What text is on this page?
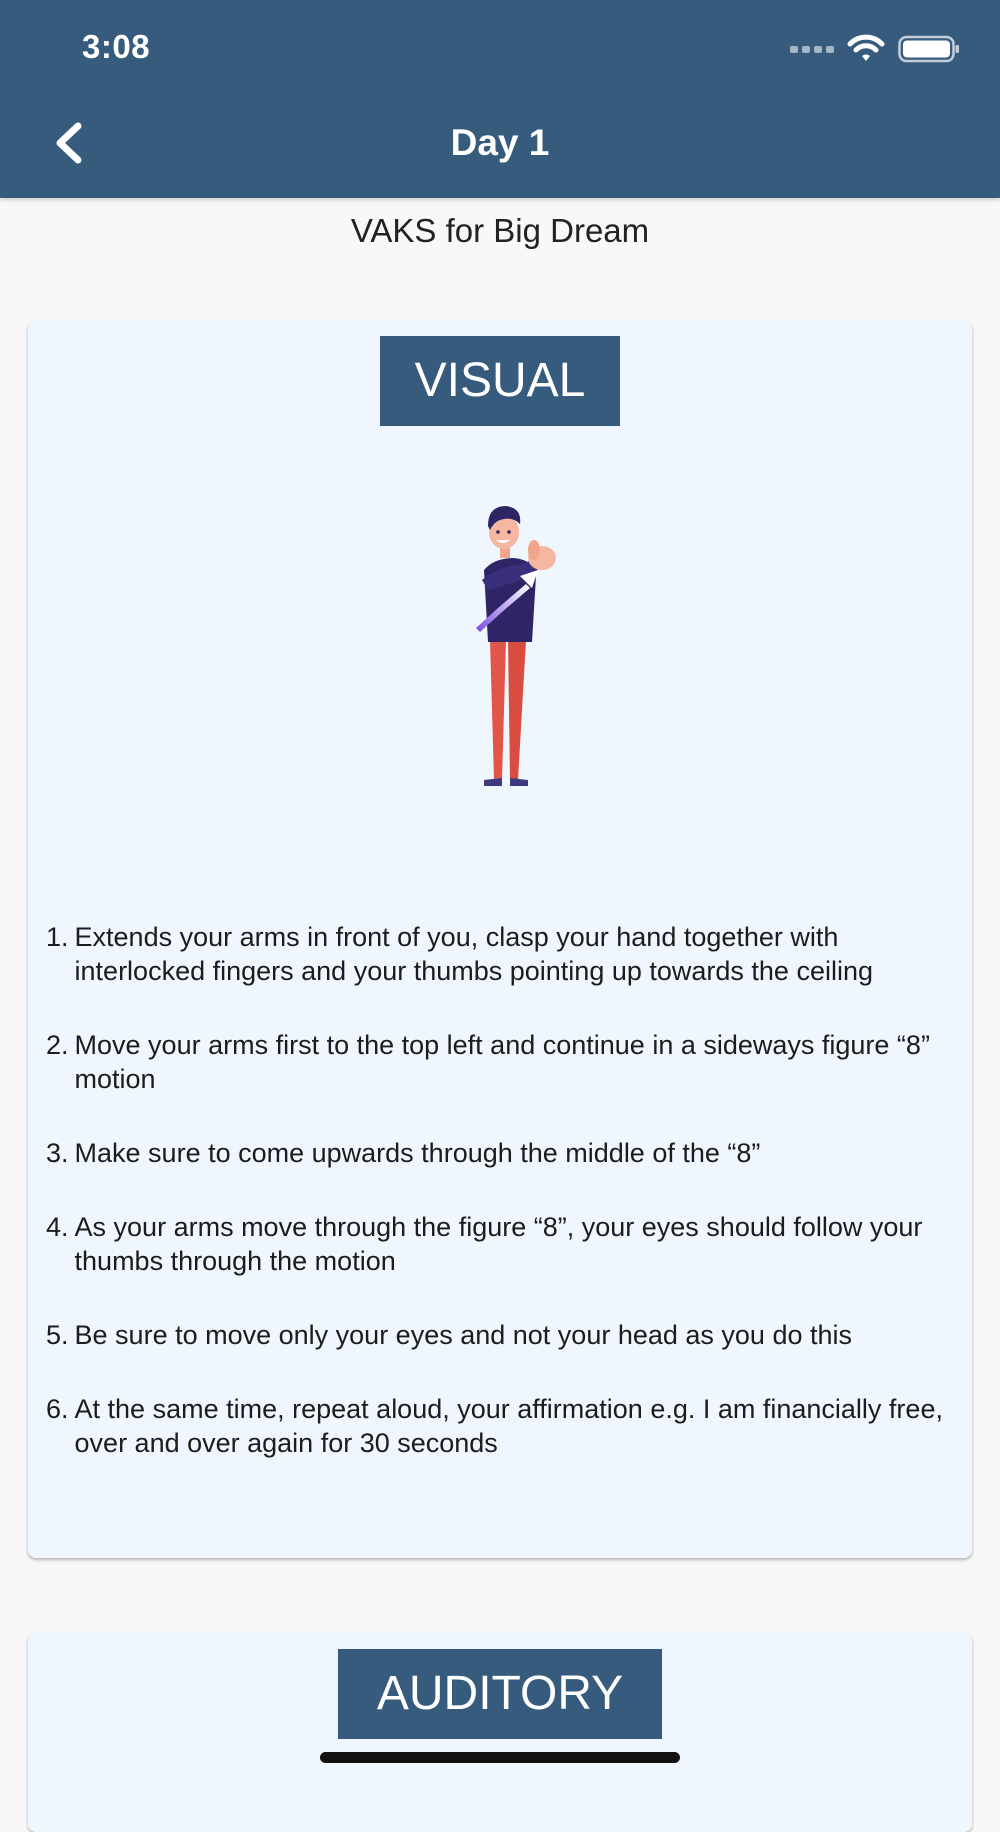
3:08
Day 1
VAKS for Big Dream
VISUAL
1. Extends your arms in front of you, clasp your hand together with interlocked fingers and your thumbs pointing up towards the ceiling
2. Move your arms first to the top left and continue in a sideways figure “8” motion
3. Make sure to come upwards through the middle of the “8”
4. As your arms move through the figure “8”, your eyes should follow your thumbs through the motion
5. Be sure to move only your eyes and not your head as you do this
6. At the same time, repeat aloud, your affirmation e.g. I am financially free, over and over again for 30 seconds
AUDITORY
